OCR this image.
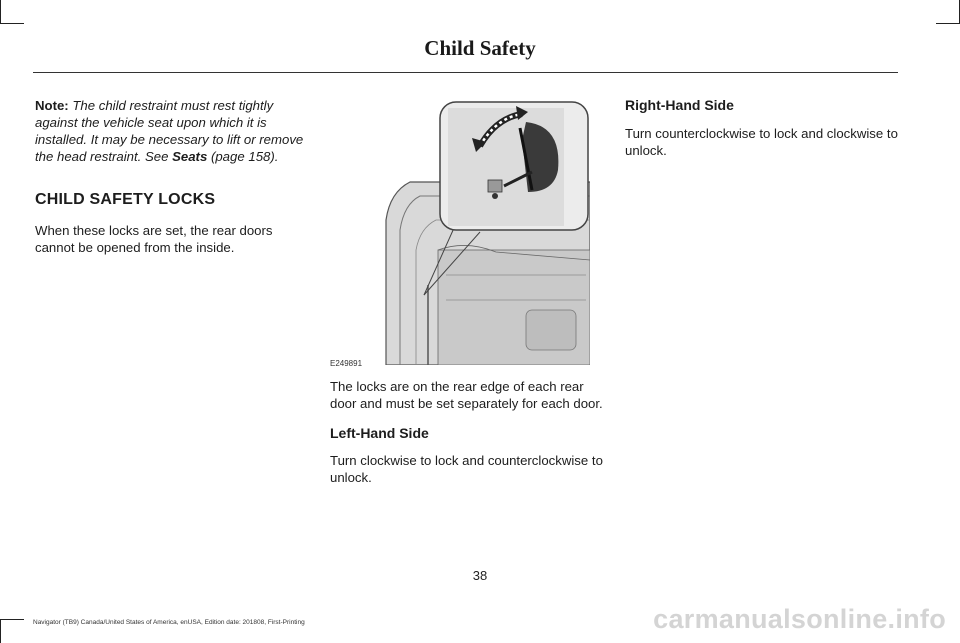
Child Safety

Note: The child restraint must rest tightly against the vehicle seat upon which it is installed. It may be necessary to lift or remove the head restraint. See Seats (page 158).

CHILD SAFETY LOCKS

When these locks are set, the rear doors cannot be opened from the inside.

E249891

The locks are on the rear edge of each rear door and must be set separately for each door.

Left-Hand Side

Turn clockwise to lock and counterclockwise to unlock.

Right-Hand Side

Turn counterclockwise to lock and clockwise to unlock.

38
Navigator (TB9) Canada/United States of America, enUSA, Edition date: 201808, First-Printing	carmanualsonline.info
